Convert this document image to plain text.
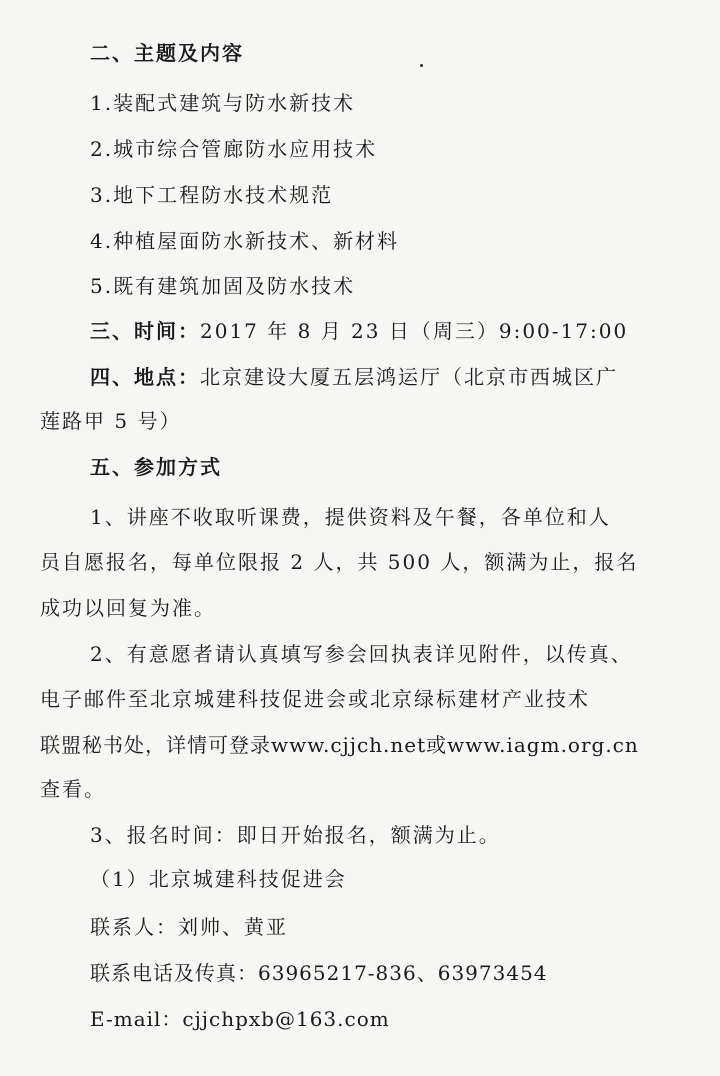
二、主题及内容
1.装配式建筑与防水新技术
2.城市综合管廊防水应用技术
3.地下工程防水技术规范
4.种植屋面防水新技术、新材料
5.既有建筑加固及防水技术
三、时间：2017 年 8 月 23 日（周三）9:00-17:00
四、地点：北京建设大厦五层鸿运厅（北京市西城区广
莲路甲 5 号）
五、参加方式
1、讲座不收取听课费，提供资料及午餐，各单位和人
员自愿报名，每单位限报 2 人，共 500 人，额满为止，报名
成功以回复为准。
2、有意愿者请认真填写参会回执表详见附件，以传真、
电子邮件至北京城建科技促进会或北京绿标建材产业技术
联盟秘书处，详情可登录www.cjjch.net或www.iagm.org.cn
查看。
3、报名时间：即日开始报名，额满为止。
（1）北京城建科技促进会
联系人：刘帅、黄亚
联系电话及传真：63965217-836、63973454
E-mail：cjjchpxb@163.com
